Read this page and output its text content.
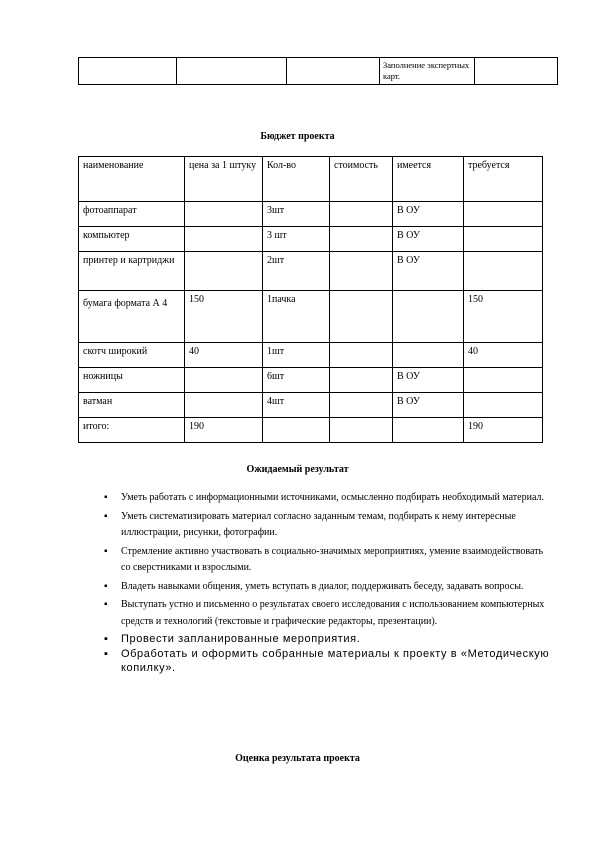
			Заполнение экспертных карт.	
Бюджет проекта
наименование	цена за 1 штуку	Кол-во	стоимость	имеется	требуется
фотоаппарат		3шт		В ОУ	
компьютер		3 шт		В ОУ	
принтер и картриджи		2шт		В ОУ	
бумага формата А 4	150	1пачка			150
скотч широкий	40	1шт			40
ножницы		6шт		В ОУ	
ватман		4шт		В ОУ	
итого:	190				190
Ожидаемый результат
▪	Уметь работать с информационными источниками, осмысленно подбирать необходимый материал.
▪	Уметь систематизировать материал согласно заданным темам, подбирать к нему интересные иллюстрации, рисунки, фотографии.
▪	Стремление активно участвовать в социально-значимых мероприятиях, умение взаимодействовать со сверстниками и взрослыми.
▪	Владеть навыками общения, уметь вступать в диалог, поддерживать беседу, задавать вопросы.
▪	Выступать устно и письменно о результатах своего исследования с использованием компьютерных средств и технологий (текстовые и графические редакторы, презентации).
▪	Провести запланированные мероприятия.
▪	Обработать и оформить собранные материалы к проекту в «Методическую копилку».
Оценка результата проекта
